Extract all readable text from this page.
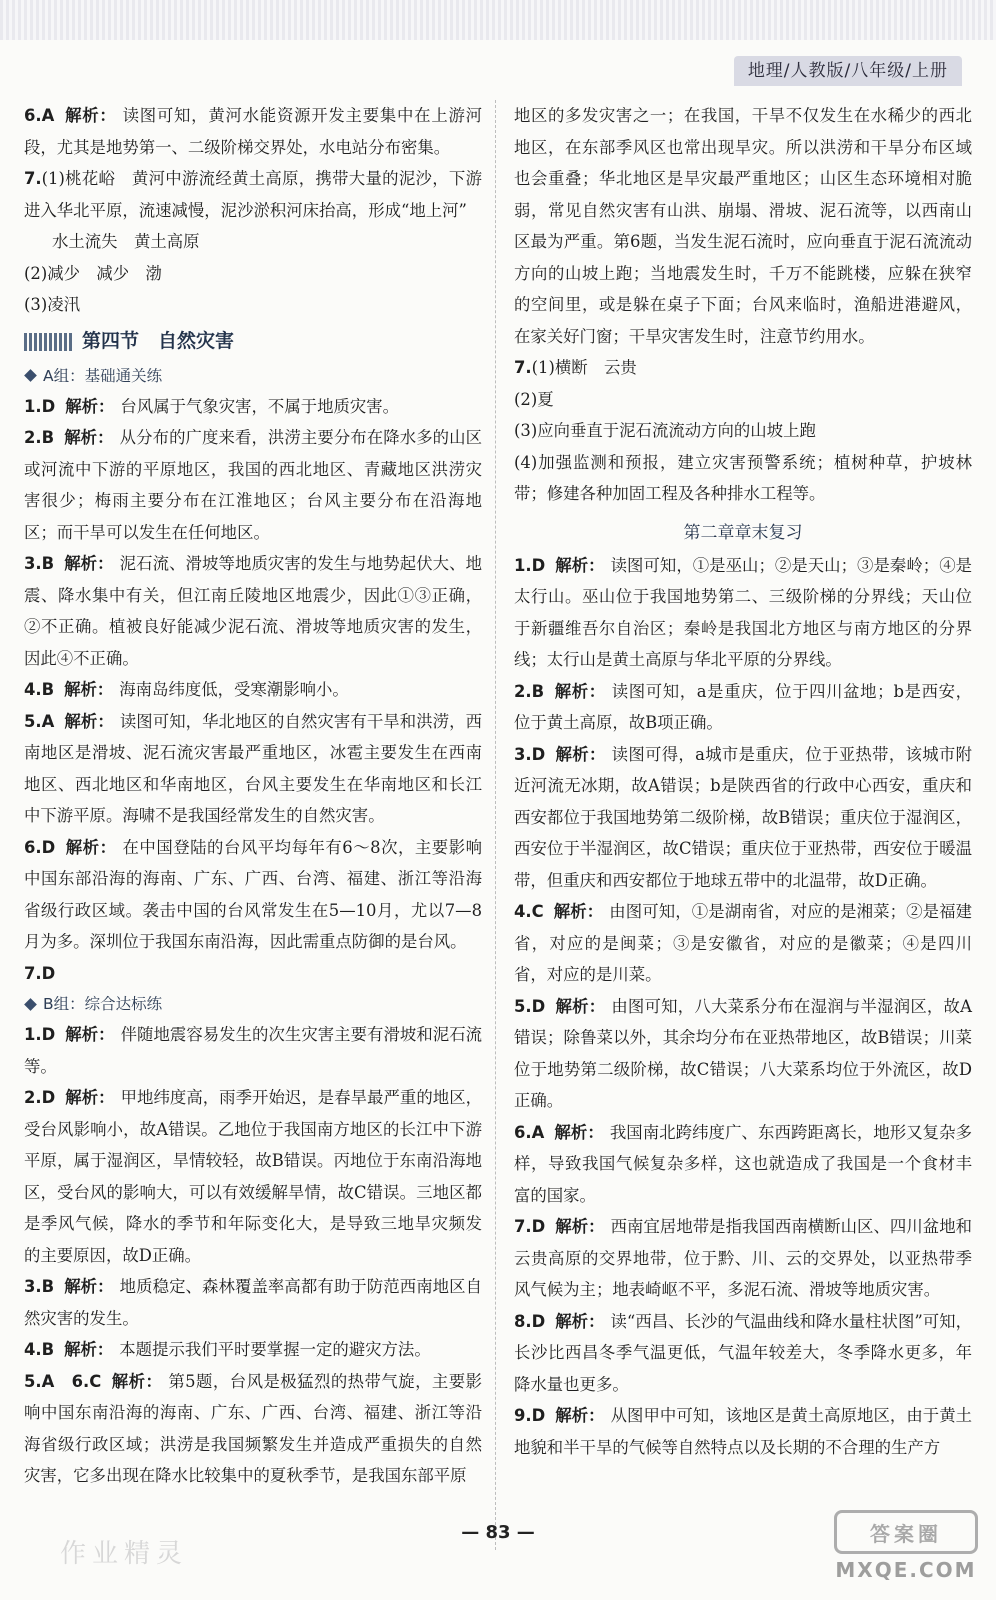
地理/人教版/八年级/上册

6.A 解析： 读图可知，黄河水能资源开发主要集中在上游河段，尤其是地势第一、二级阶梯交界处，水电站分布密集。

7.(1)桃花峪　黄河中游流经黄土高原，携带大量的泥沙，下游进入华北平原，流速减慢，泥沙淤积河床抬高，形成“地上河”

水土流失　黄土高原

(2)减少　减少　渤

(3)凌汛

第四节　自然灾害
A组：基础通关练

1.D 解析： 台风属于气象灾害，不属于地质灾害。

2.B 解析： 从分布的广度来看，洪涝主要分布在降水多的山区或河流中下游的平原地区，我国的西北地区、青藏地区洪涝灾害很少；梅雨主要分布在江淮地区；台风主要分布在沿海地区；而干旱可以发生在任何地区。

3.B 解析： 泥石流、滑坡等地质灾害的发生与地势起伏大、地震、降水集中有关，但江南丘陵地区地震少，因此①③正确，②不正确。植被良好能减少泥石流、滑坡等地质灾害的发生，因此④不正确。

4.B 解析： 海南岛纬度低，受寒潮影响小。

5.A 解析： 读图可知，华北地区的自然灾害有干旱和洪涝，西南地区是滑坡、泥石流灾害最严重地区，冰雹主要发生在西南地区、西北地区和华南地区，台风主要发生在华南地区和长江中下游平原。海啸不是我国经常发生的自然灾害。

6.D 解析： 在中国登陆的台风平均每年有6～8次，主要影响中国东部沿海的海南、广东、广西、台湾、福建、浙江等沿海省级行政区域。袭击中国的台风常发生在5—10月，尤以7—8月为多。深圳位于我国东南沿海，因此需重点防御的是台风。

7.D

B组：综合达标练

1.D 解析： 伴随地震容易发生的次生灾害主要有滑坡和泥石流等。

2.D 解析： 甲地纬度高，雨季开始迟，是春旱最严重的地区，受台风影响小，故A错误。乙地位于我国南方地区的长江中下游平原，属于湿润区，旱情较轻，故B错误。丙地位于东南沿海地区，受台风的影响大，可以有效缓解旱情，故C错误。三地区都是季风气候，降水的季节和年际变化大，是导致三地旱灾频发的主要原因，故D正确。

3.B 解析： 地质稳定、森林覆盖率高都有助于防范西南地区自然灾害的发生。

4.B 解析： 本题提示我们平时要掌握一定的避灾方法。

5.A　6.C 解析： 第5题，台风是极猛烈的热带气旋，主要影响中国东南沿海的海南、广东、广西、台湾、福建、浙江等沿海省级行政区域；洪涝是我国频繁发生并造成严重损失的自然灾害，它多出现在降水比较集中的夏秋季节，是我国东部平原

地区的多发灾害之一；在我国，干旱不仅发生在水稀少的西北地区，在东部季风区也常出现旱灾。所以洪涝和干旱分布区域也会重叠；华北地区是旱灾最严重地区；山区生态环境相对脆弱，常见自然灾害有山洪、崩塌、滑坡、泥石流等，以西南山区最为严重。第6题，当发生泥石流时，应向垂直于泥石流流动方向的山坡上跑；当地震发生时，千万不能跳楼，应躲在狭窄的空间里，或是躲在桌子下面；台风来临时，渔船进港避风，在家关好门窗；干旱灾害发生时，注意节约用水。

7.(1)横断　云贵

(2)夏

(3)应向垂直于泥石流流动方向的山坡上跑

(4)加强监测和预报，建立灾害预警系统；植树种草，护坡林带；修建各种加固工程及各种排水工程等。

第二章章末复习

1.D 解析： 读图可知，①是巫山；②是天山；③是秦岭；④是太行山。巫山位于我国地势第二、三级阶梯的分界线；天山位于新疆维吾尔自治区；秦岭是我国北方地区与南方地区的分界线；太行山是黄土高原与华北平原的分界线。

2.B 解析： 读图可知，a是重庆，位于四川盆地；b是西安，位于黄土高原，故B项正确。

3.D 解析： 读图可得，a城市是重庆，位于亚热带，该城市附近河流无冰期，故A错误；b是陕西省的行政中心西安，重庆和西安都位于我国地势第二级阶梯，故B错误；重庆位于湿润区，西安位于半湿润区，故C错误；重庆位于亚热带，西安位于暖温带，但重庆和西安都位于地球五带中的北温带，故D正确。

4.C 解析： 由图可知，①是湖南省，对应的是湘菜；②是福建省，对应的是闽菜；③是安徽省，对应的是徽菜；④是四川省，对应的是川菜。

5.D 解析： 由图可知，八大菜系分布在湿润与半湿润区，故A错误；除鲁菜以外，其余均分布在亚热带地区，故B错误；川菜位于地势第二级阶梯，故C错误；八大菜系均位于外流区，故D正确。

6.A 解析： 我国南北跨纬度广、东西跨距离长，地形又复杂多样，导致我国气候复杂多样，这也就造成了我国是一个食材丰富的国家。

7.D 解析： 西南宜居地带是指我国西南横断山区、四川盆地和云贵高原的交界地带，位于黔、川、云的交界处，以亚热带季风气候为主；地表崎岖不平，多泥石流、滑坡等地质灾害。

8.D 解析： 读“西昌、长沙的气温曲线和降水量柱状图”可知，长沙比西昌冬季气温更低，气温年较差大，冬季降水更多，年降水量也更多。

9.D 解析： 从图甲中可知，该地区是黄土高原地区，由于黄土地貌和半干旱的气候等自然特点以及长期的不合理的生产方

— 83 —
作业精灵
答案圈
MXQE.COM
